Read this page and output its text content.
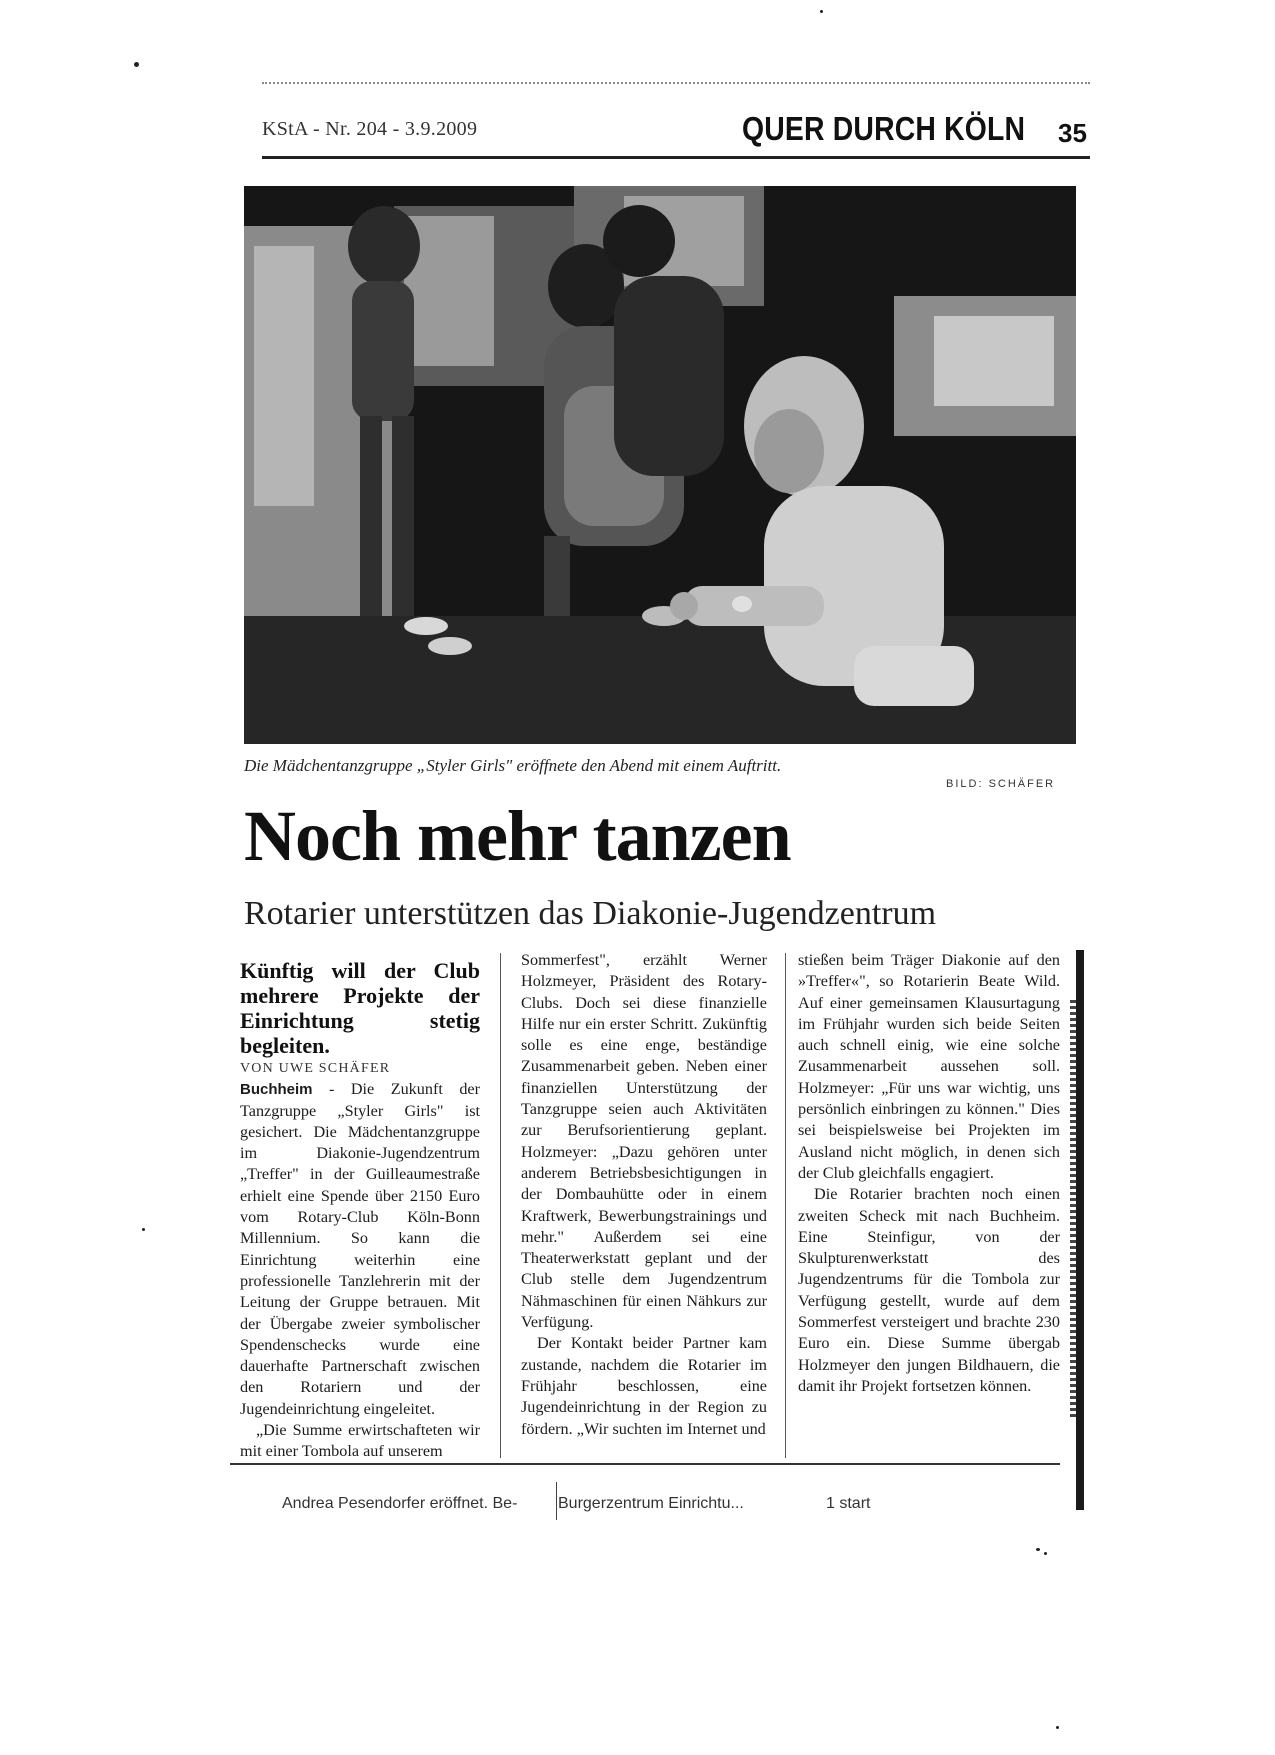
KStA - Nr. 204 - 3.9.2009	QUER DURCH KÖLN 35
Die Mädchentanzgruppe „Styler Girls" eröffnete den Abend mit einem Auftritt.
BILD: SCHÄFER
Noch mehr tanzen
Rotarier unterstützen das Diakonie-Jugendzentrum

Künftig will der Club mehrere Projekte der Einrichtung stetig begleiten.

VON UWE SCHÄFER

Buchheim - Die Zukunft der Tanzgruppe „Styler Girls" ist gesichert. Die Mädchentanzgruppe im Diakonie-Jugendzentrum „Treffer" in der Guilleaumestraße erhielt eine Spende über 2150 Euro vom Rotary-Club Köln-Bonn Millennium. So kann die Einrichtung weiterhin eine professionelle Tanzlehrerin mit der Leitung der Gruppe betrauen. Mit der Übergabe zweier symbolischer Spendenschecks wurde eine dauerhafte Partnerschaft zwischen den Rotariern und der Jugendeinrichtung eingeleitet.

„Die Summe erwirtschafteten wir mit einer Tombola auf unserem

Sommerfest", erzählt Werner Holzmeyer, Präsident des Rotary-Clubs. Doch sei diese finanzielle Hilfe nur ein erster Schritt. Zukünftig solle es eine enge, beständige Zusammenarbeit geben. Neben einer finanziellen Unterstützung der Tanzgruppe seien auch Aktivitäten zur Berufsorientierung geplant. Holzmeyer: „Dazu gehören unter anderem Betriebsbesichtigungen in der Dombauhütte oder in einem Kraftwerk, Bewerbungstrainings und mehr." Außerdem sei eine Theaterwerkstatt geplant und der Club stelle dem Jugendzentrum Nähmaschinen für einen Nähkurs zur Verfügung.

Der Kontakt beider Partner kam zustande, nachdem die Rotarier im Frühjahr beschlossen, eine Jugendeinrichtung in der Region zu fördern. „Wir suchten im Internet und

stießen beim Träger Diakonie auf den »Treffer«", so Rotarierin Beate Wild. Auf einer gemeinsamen Klausurtagung im Frühjahr wurden sich beide Seiten auch schnell einig, wie eine solche Zusammenarbeit aussehen soll. Holzmeyer: „Für uns war wichtig, uns persönlich einbringen zu können." Dies sei beispielsweise bei Projekten im Ausland nicht möglich, in denen sich der Club gleichfalls engagiert.

Die Rotarier brachten noch einen zweiten Scheck mit nach Buchheim. Eine Steinfigur, von der Skulpturenwerkstatt des Jugendzentrums für die Tombola zur Verfügung gestellt, wurde auf dem Sommerfest versteigert und brachte 230 Euro ein. Diese Summe übergab Holzmeyer den jungen Bildhauern, die damit ihr Projekt fortsetzen können.

Andrea Pesendorfer eröffnet. Be-	Burgerzentrum Einrichtu...	1 start
